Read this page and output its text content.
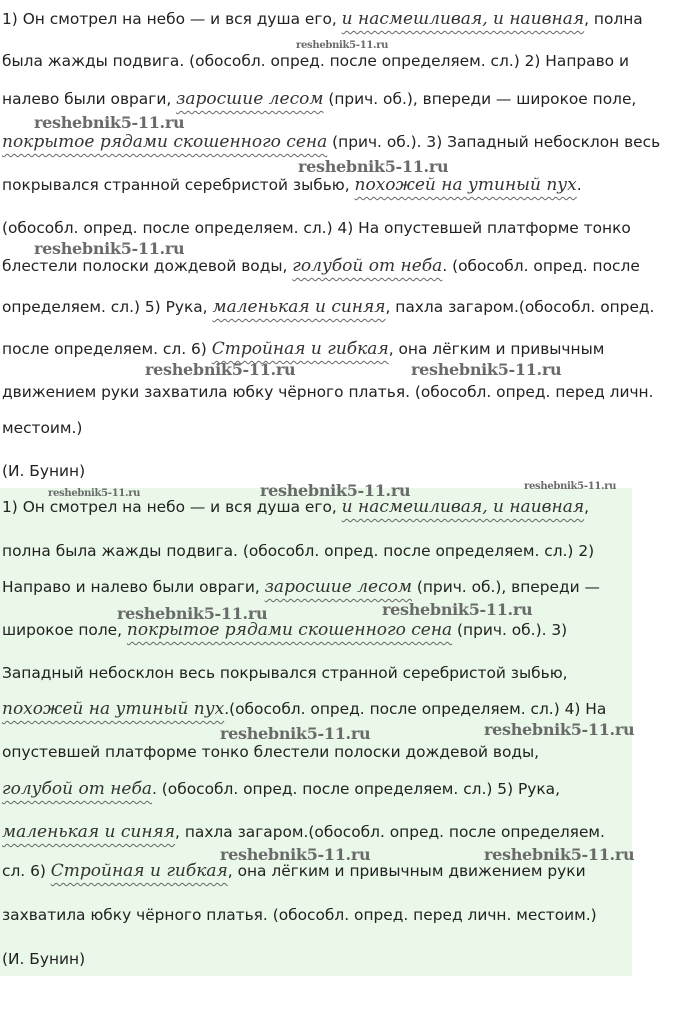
1) Он смотрел на небо — и вся душа его, и насмешливая, и наивная, полна
была жажды подвига. (обособл. опред. после определяем. сл.) 2) Направо и
налево были овраги, заросшие лесом (прич. об.), впереди — широкое поле,
покрытое рядами скошенного сена (прич. об.). 3) Западный небосклон весь
покрывался странной серебристой зыбью, похожей на утиный пух.
(обособл. опред. после определяем. сл.) 4) На опустевшей платформе тонко
блестели полоски дождевой воды, голубой от неба. (обособл. опред. после
определяем. сл.) 5) Рука, маленькая и синяя, пахла загаром.(обособл. опред.
после определяем. сл. 6) Стройная и гибкая, она лёгким и привычным
движением руки захватила юбку чёрного платья. (обособл. опред. перед личн.
местоим.)
(И. Бунин)
1) Он смотрел на небо — и вся душа его, и насмешливая, и наивная,
полна была жажды подвига. (обособл. опред. после определяем. сл.) 2)
Направо и налево были овраги, заросшие лесом (прич. об.), впереди —
широкое поле, покрытое рядами скошенного сена (прич. об.). 3)
Западный небосклон весь покрывался странной серебристой зыбью,
похожей на утиный пух.(обособл. опред. после определяем. сл.) 4) На
опустевшей платформе тонко блестели полоски дождевой воды,
голубой от неба. (обособл. опред. после определяем. сл.) 5) Рука,
маленькая и синяя, пахла загаром.(обособл. опред. после определяем.
сл. 6) Стройная и гибкая, она лёгким и привычным движением руки
захватила юбку чёрного платья. (обособл. опред. перед личн. местоим.)
(И. Бунин)
reshebnik5-11.ru
reshebnik5-11.ru
reshebnik5-11.ru
reshebnik5-11.ru
reshebnik5-11.ru	reshebnik5-11.ru
reshebnik5-11.ru	reshebnik5-11.ru	reshebnik5-11.ru
reshebnik5-11.ru	reshebnik5-11.ru
reshebnik5-11.ru	reshebnik5-11.ru
reshebnik5-11.ru	reshebnik5-11.ru
